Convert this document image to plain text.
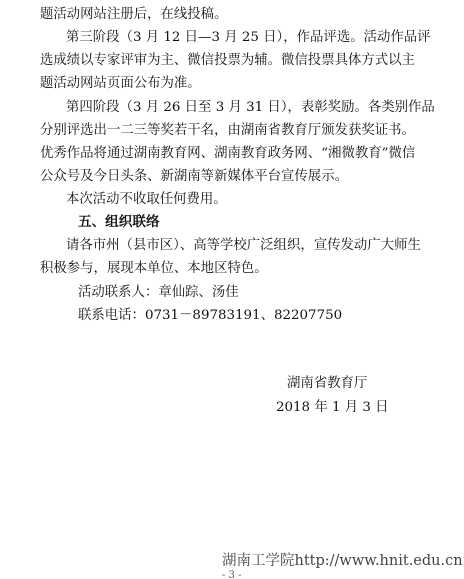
题活动网站注册后，在线投稿。
第三阶段（3 月 12 日—3 月 25 日），作品评选。活动作品评
选成绩以专家评审为主、微信投票为辅。微信投票具体方式以主
题活动网站页面公布为准。
第四阶段（3 月 26 日至 3 月 31 日），表彰奖励。各类别作品
分别评选出一二三等奖若干名，由湖南省教育厅颁发获奖证书。
优秀作品将通过湖南教育网、湖南教育政务网、“湘微教育”微信
公众号及今日头条、新湖南等新媒体平台宣传展示。
本次活动不收取任何费用。
五、组织联络
请各市州（县市区）、高等学校广泛组织，宣传发动广大师生
积极参与，展现本单位、本地区特色。
活动联系人：章仙踪、汤佳
联系电话：0731－89783191、82207750
湖南省教育厅
2018 年 1 月 3 日
湖南工学院http://www.hnit.edu.cn
- 3 -
